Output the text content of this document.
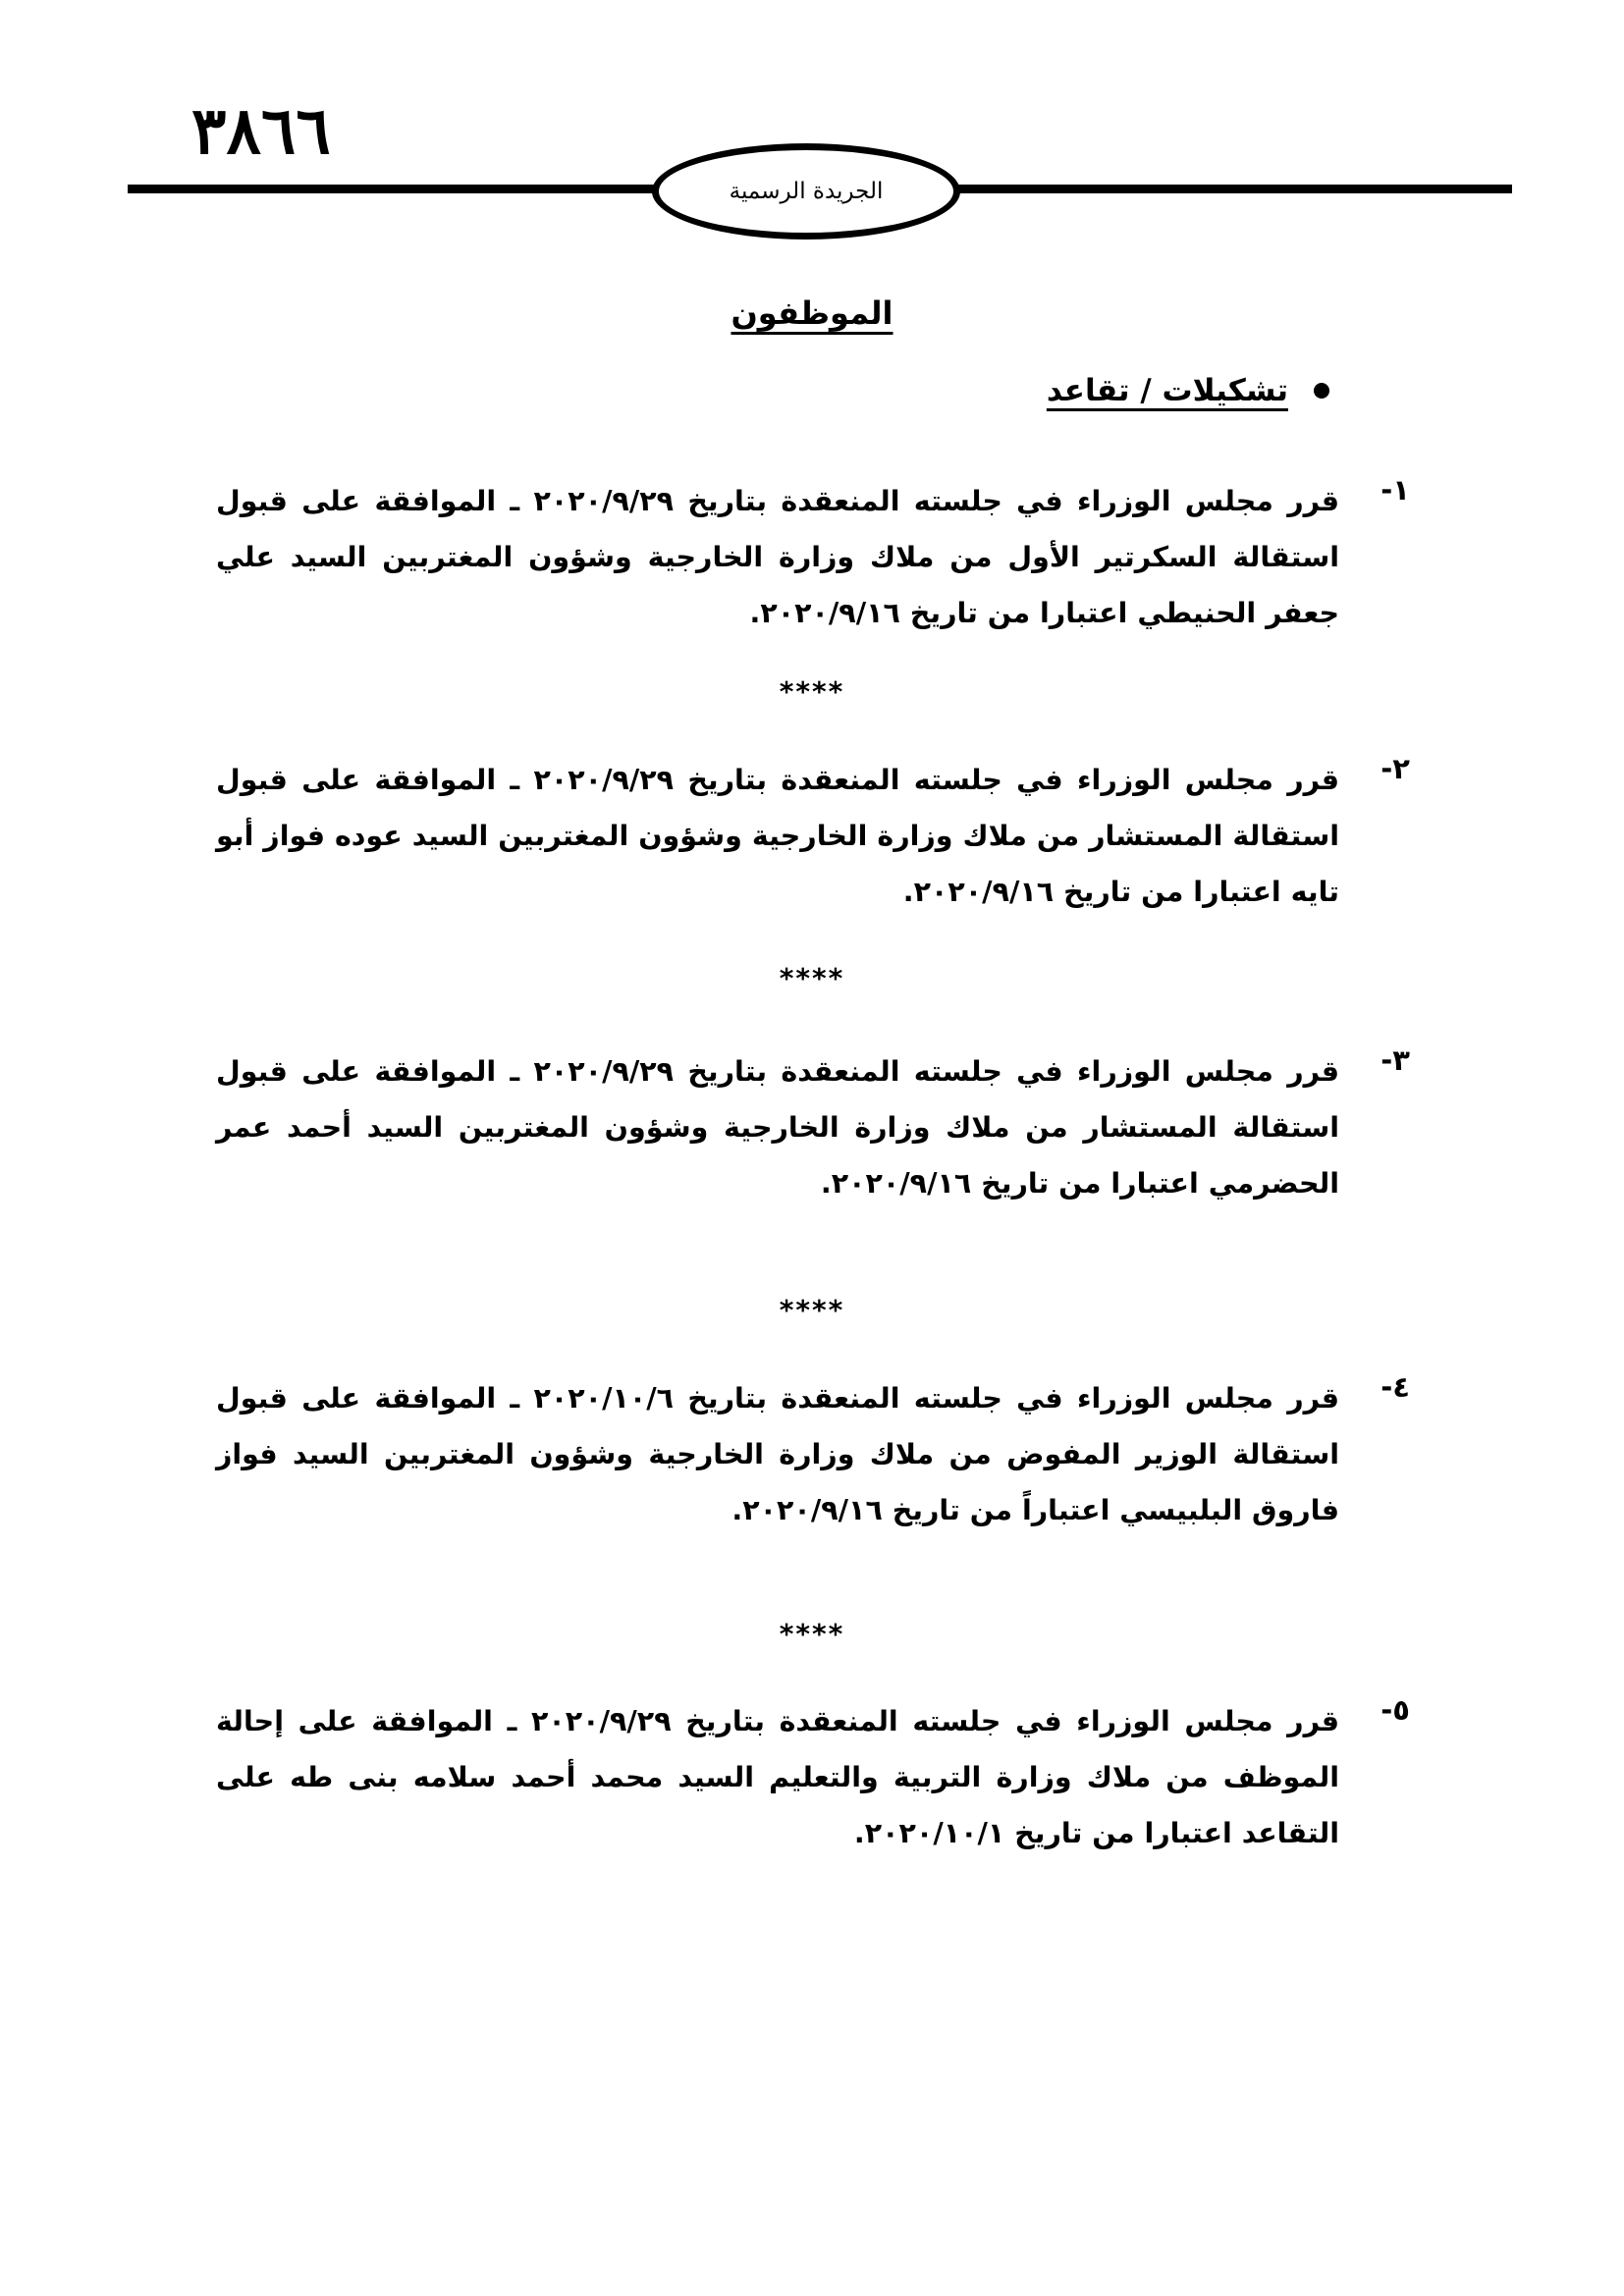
٣٨٦٦
الجريدة الرسمية
الموظفون
تشكيلات / تقاعد
١-
قرر مجلس الوزراء في جلسته المنعقدة بتاريخ ٢٠٢٠/٩/٢٩ ـ الموافقة على قبول استقالة السكرتير الأول من ملاك وزارة الخارجية وشؤون المغتربين السيد علي جعفر الحنيطي اعتبارا من تاريخ ٢٠٢٠/٩/١٦.
****
٢-
قرر مجلس الوزراء في جلسته المنعقدة بتاريخ ٢٠٢٠/٩/٢٩ ـ الموافقة على قبول استقالة المستشار من ملاك وزارة الخارجية وشؤون المغتربين السيد عوده فواز أبو تايه اعتبارا من تاريخ ٢٠٢٠/٩/١٦.
****
٣-
قرر مجلس الوزراء في جلسته المنعقدة بتاريخ ٢٠٢٠/٩/٢٩ ـ الموافقة على قبول استقالة المستشار من ملاك وزارة الخارجية وشؤون المغتربين السيد أحمد عمر الحضرمي اعتبارا من تاريخ ٢٠٢٠/٩/١٦.
****
٤-
قرر مجلس الوزراء في جلسته المنعقدة بتاريخ ٢٠٢٠/١٠/٦ ـ الموافقة على قبول استقالة الوزير المفوض من ملاك وزارة الخارجية وشؤون المغتربين السيد فواز فاروق البلبيسي اعتباراً من تاريخ ٢٠٢٠/٩/١٦.
****
٥-
قرر مجلس الوزراء في جلسته المنعقدة بتاريخ ٢٠٢٠/٩/٢٩ ـ الموافقة على إحالة الموظف من ملاك وزارة التربية والتعليم السيد محمد أحمد سلامه بنى طه على التقاعد اعتبارا من تاريخ ٢٠٢٠/١٠/١.
